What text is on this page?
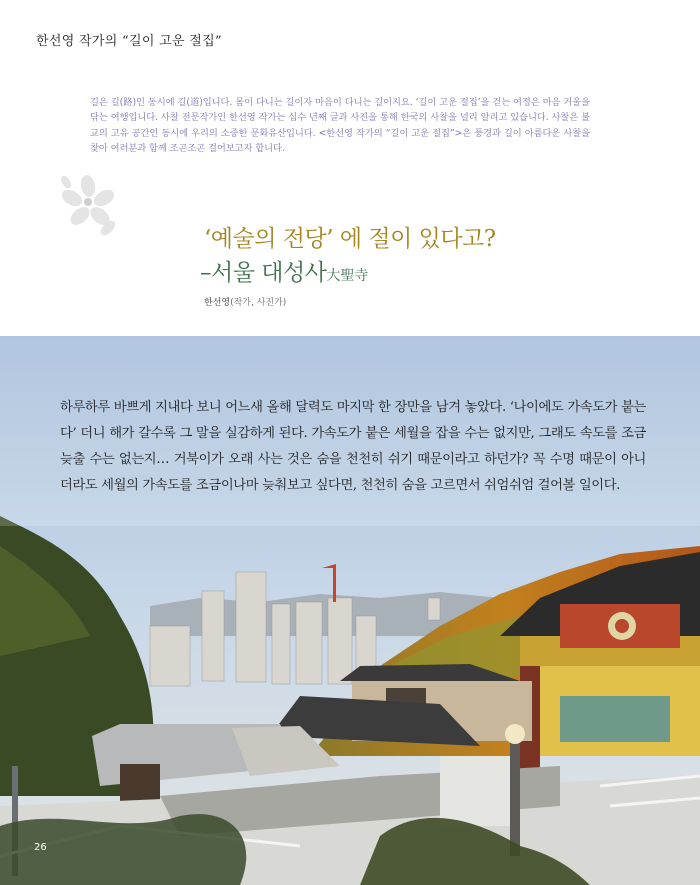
한선영 작가의 “길이 고운 절집”

길은 길(路)인 동시에 길(道)입니다. 몸이 다니는 길이자 마음이 다니는 길이지요. ‘길이 고운 절집’을 걷는 여정은 마음 거울을 닦는 여행입니다. 사찰 전문작가인 한선영 작가는 십수 년째 글과 사진을 통해 한국의 사찰을 널리 알리고 있습니다. 사찰은 불교의 고유 공간인 동시에 우리의 소중한 문화유산입니다. <한선영 작가의 “길이 고운 절집”>은 풍경과 길이 아름다운 사찰을 찾아 여러분과 함께 조곤조곤 걸어보고자 합니다.

‘예술의 전당’ 에 절이 있다고?
–서울 대성사大聖寺
한선영(작가, 사진가)

하루하루 바쁘게 지내다 보니 어느새 올해 달력도 마지막 한 장만을 남겨 놓았다. ‘나이에도 가속도가 붙는다’ 더니 해가 갈수록 그 말을 실감하게 된다. 가속도가 붙은 세월을 잡을 수는 없지만, 그래도 속도를 조금 늦출 수는 없는지… 거북이가 오래 사는 것은 숨을 천천히 쉬기 때문이라고 하던가? 꼭 수명 때문이 아니더라도 세월의 가속도를 조금이나마 늦춰보고 싶다면, 천천히 숨을 고르면서 쉬엄쉬엄 걸어볼 일이다.

26
